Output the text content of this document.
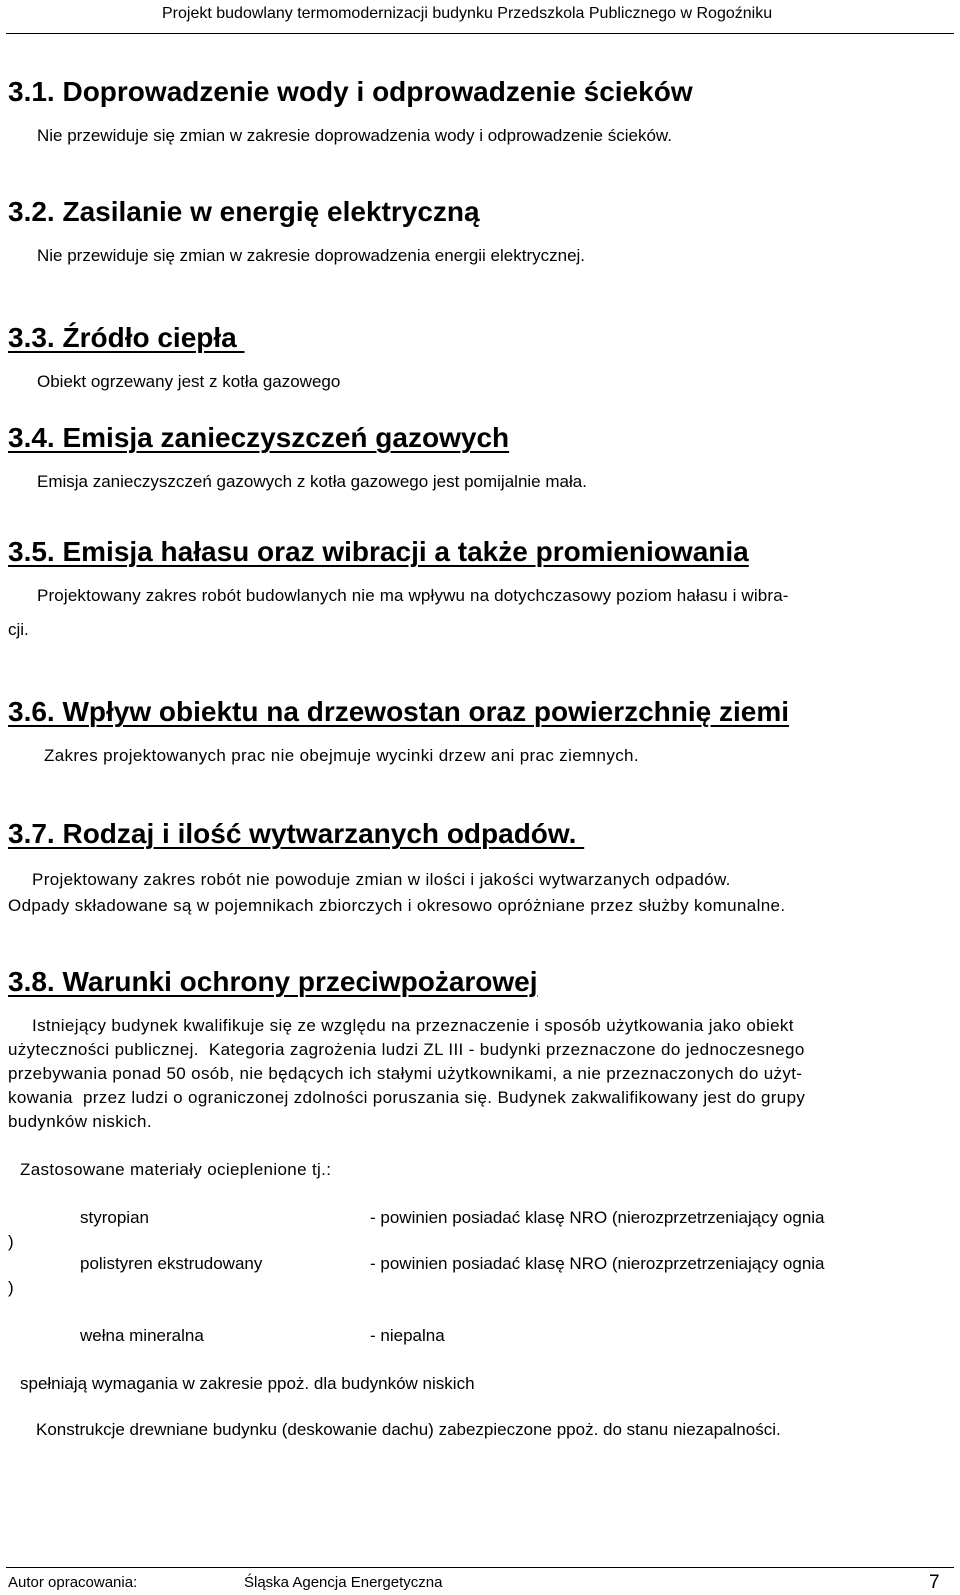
Projekt budowlany termomodernizacji budynku Przedszkola Publicznego w Rogoźniku
3.1. Doprowadzenie wody i odprowadzenie ścieków
Nie przewiduje się zmian w zakresie doprowadzenia wody i odprowadzenie ścieków.
3.2. Zasilanie w energię elektryczną
Nie przewiduje się zmian w zakresie doprowadzenia energii elektrycznej.
3.3. Źródło ciepła
Obiekt ogrzewany jest z kotła gazowego
3.4. Emisja zanieczyszczeń gazowych
Emisja zanieczyszczeń gazowych z kotła gazowego jest pomijalnie mała.
3.5. Emisja hałasu oraz wibracji a także promieniowania
Projektowany zakres robót budowlanych nie ma wpływu na dotychczasowy poziom hałasu i wibra-
cji.
3.6. Wpływ obiektu na drzewostan oraz powierzchnię ziemi
Zakres projektowanych prac nie obejmuje wycinki drzew ani prac ziemnych.
3.7. Rodzaj i ilość wytwarzanych odpadów.
Projektowany zakres robót nie powoduje zmian w ilości i jakości wytwarzanych odpadów.
Odpady składowane są w pojemnikach zbiorczych i okresowo opróżniane przez służby komunalne.
3.8. Warunki ochrony przeciwpożarowej
Istniejący budynek kwalifikuje się ze względu na przeznaczenie i sposób użytkowania jako obiekt
użyteczności publicznej.  Kategoria zagrożenia ludzi ZL III - budynki przeznaczone do jednoczesnego
przebywania ponad 50 osób, nie będących ich stałymi użytkownikami, a nie przeznaczonych do użyt-
kowania  przez ludzi o ograniczonej zdolności poruszania się. Budynek zakwalifikowany jest do grupy
budynków niskich.
Zastosowane materiały ocieplenione tj.:
styropian	- powinien posiadać klasę NRO (nierozprzetrzeniający ognia
)
polistyren ekstrudowany	- powinien posiadać klasę NRO (nierozprzetrzeniający ognia
)
wełna mineralna	- niepalna
spełniają wymagania w zakresie ppoż. dla budynków niskich
Konstrukcje drewniane budynku (deskowanie dachu) zabezpieczone ppoż. do stanu niezapalności.
Autor opracowania:	Śląska Agencja Energetyczna	7
